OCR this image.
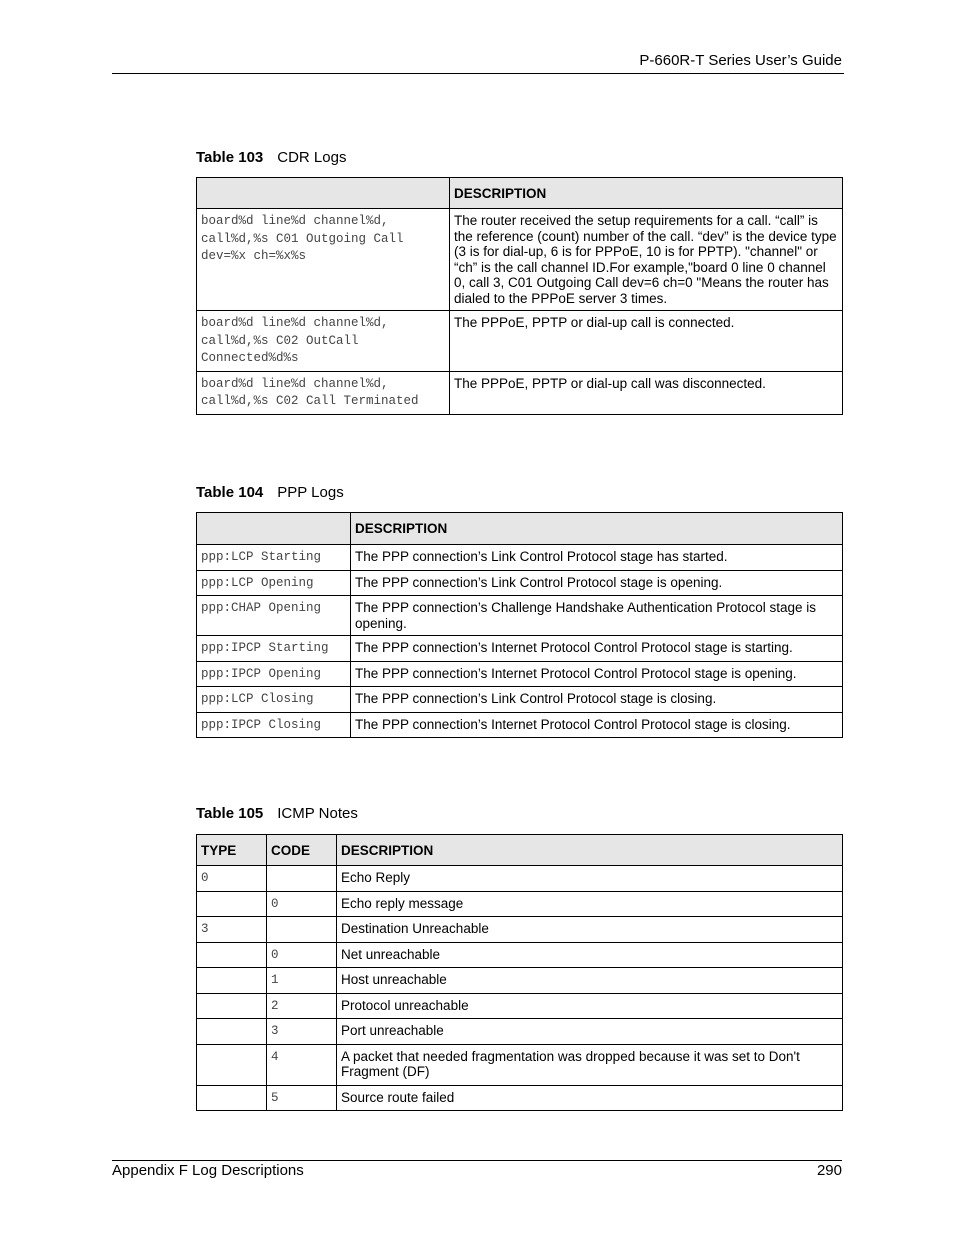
P-660R-T Series User’s Guide
Table 103 CDR Logs
	DESCRIPTION
board%d line%d channel%d, call%d,%s C01 Outgoing Call dev=%x ch=%x%s	The router received the setup requirements for a call. “call” is the reference (count) number of the call. “dev” is the device type (3 is for dial-up, 6 is for PPPoE, 10 is for PPTP). "channel" or “ch” is the call channel ID.For example,"board 0 line 0 channel 0, call 3, C01 Outgoing Call dev=6 ch=0 "Means the router has dialed to the PPPoE server 3 times.
board%d line%d channel%d, call%d,%s C02 OutCall Connected%d%s	The PPPoE, PPTP or dial-up call is connected.
board%d line%d channel%d, call%d,%s C02 Call Terminated	The PPPoE, PPTP or dial-up call was disconnected.
Table 104 PPP Logs
	DESCRIPTION
ppp:LCP Starting	The PPP connection’s Link Control Protocol stage has started.
ppp:LCP Opening	The PPP connection’s Link Control Protocol stage is opening.
ppp:CHAP Opening	The PPP connection’s Challenge Handshake Authentication Protocol stage is opening.
ppp:IPCP Starting	The PPP connection’s Internet Protocol Control Protocol stage is starting.
ppp:IPCP Opening	The PPP connection’s Internet Protocol Control Protocol stage is opening.
ppp:LCP Closing	The PPP connection’s Link Control Protocol stage is closing.
ppp:IPCP Closing	The PPP connection’s Internet Protocol Control Protocol stage is closing.
Table 105 ICMP Notes
TYPE	CODE	DESCRIPTION
0		Echo Reply
	0	Echo reply message
3		Destination Unreachable
	0	Net unreachable
	1	Host unreachable
	2	Protocol unreachable
	3	Port unreachable
	4	A packet that needed fragmentation was dropped because it was set to Don't Fragment (DF)
	5	Source route failed
Appendix F Log Descriptions	290
